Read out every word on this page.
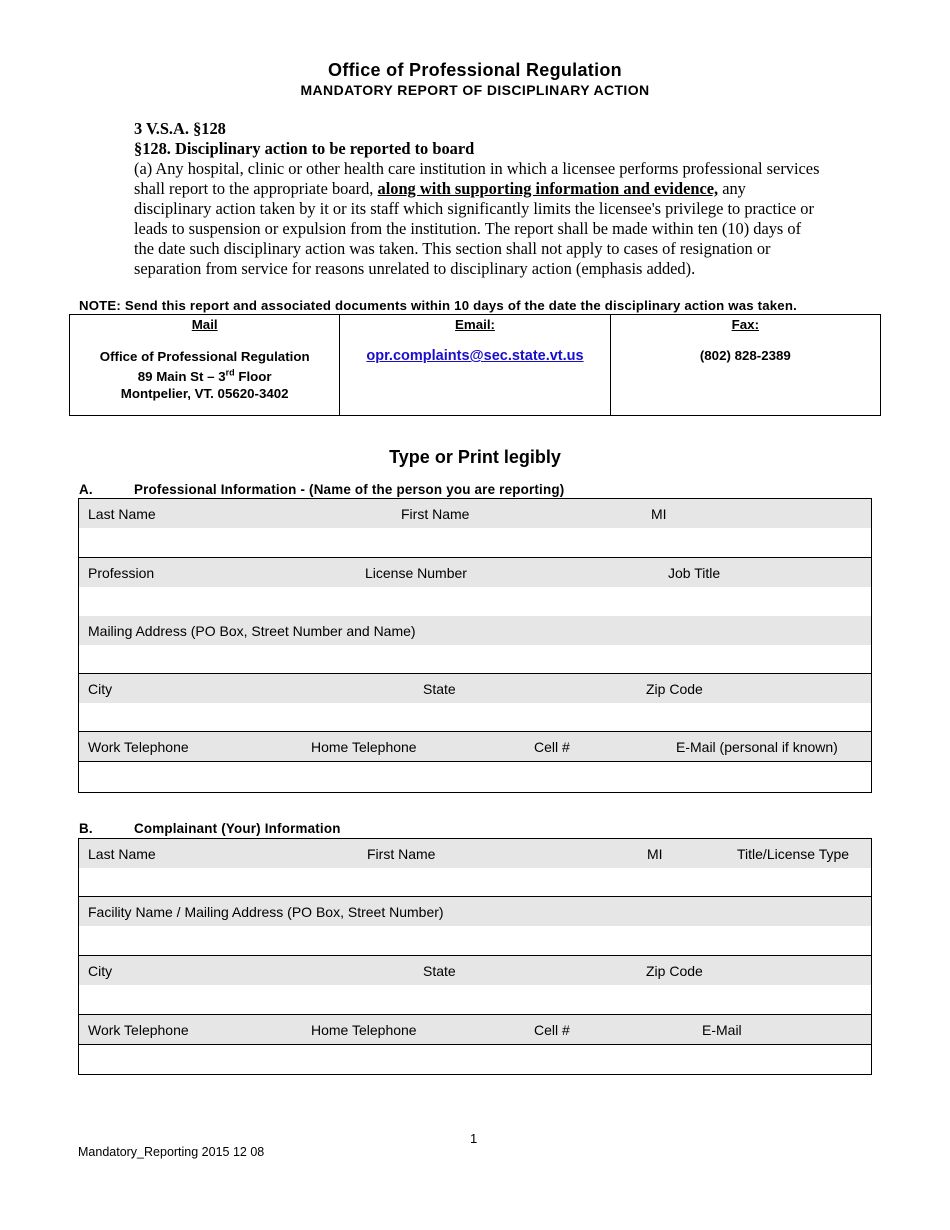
Office of Professional Regulation
MANDATORY REPORT OF DISCIPLINARY ACTION
3 V.S.A. §128
§128. Disciplinary action to be reported to board
(a) Any hospital, clinic or other health care institution in which a licensee performs professional services shall report to the appropriate board, along with supporting information and evidence, any disciplinary action taken by it or its staff which significantly limits the licensee's privilege to practice or leads to suspension or expulsion from the institution. The report shall be made within ten (10) days of the date such disciplinary action was taken. This section shall not apply to cases of resignation or separation from service for reasons unrelated to disciplinary action (emphasis added).
NOTE: Send this report and associated documents within 10 days of the date the disciplinary action was taken.
Mail
Office of Professional Regulation
89 Main St – 3rd Floor
Montpelier, VT. 05620-3402

Email:
opr.complaints@sec.state.vt.us

Fax:
(802) 828-2389
Type or Print legibly
A.	Professional Information - (Name of the person you are reporting)
Last Name	First Name	MI
Profession	License Number	Job Title
Mailing Address (PO Box, Street Number and Name)
City	State	Zip Code
Work Telephone	Home Telephone	Cell #	E-Mail (personal if known)
B.	Complainant (Your) Information
Last Name	First Name	MI	Title/License Type
Facility Name / Mailing Address (PO Box, Street Number)
City	State	Zip Code
Work Telephone	Home Telephone	Cell #	E-Mail
1
Mandatory_Reporting 2015 12 08
